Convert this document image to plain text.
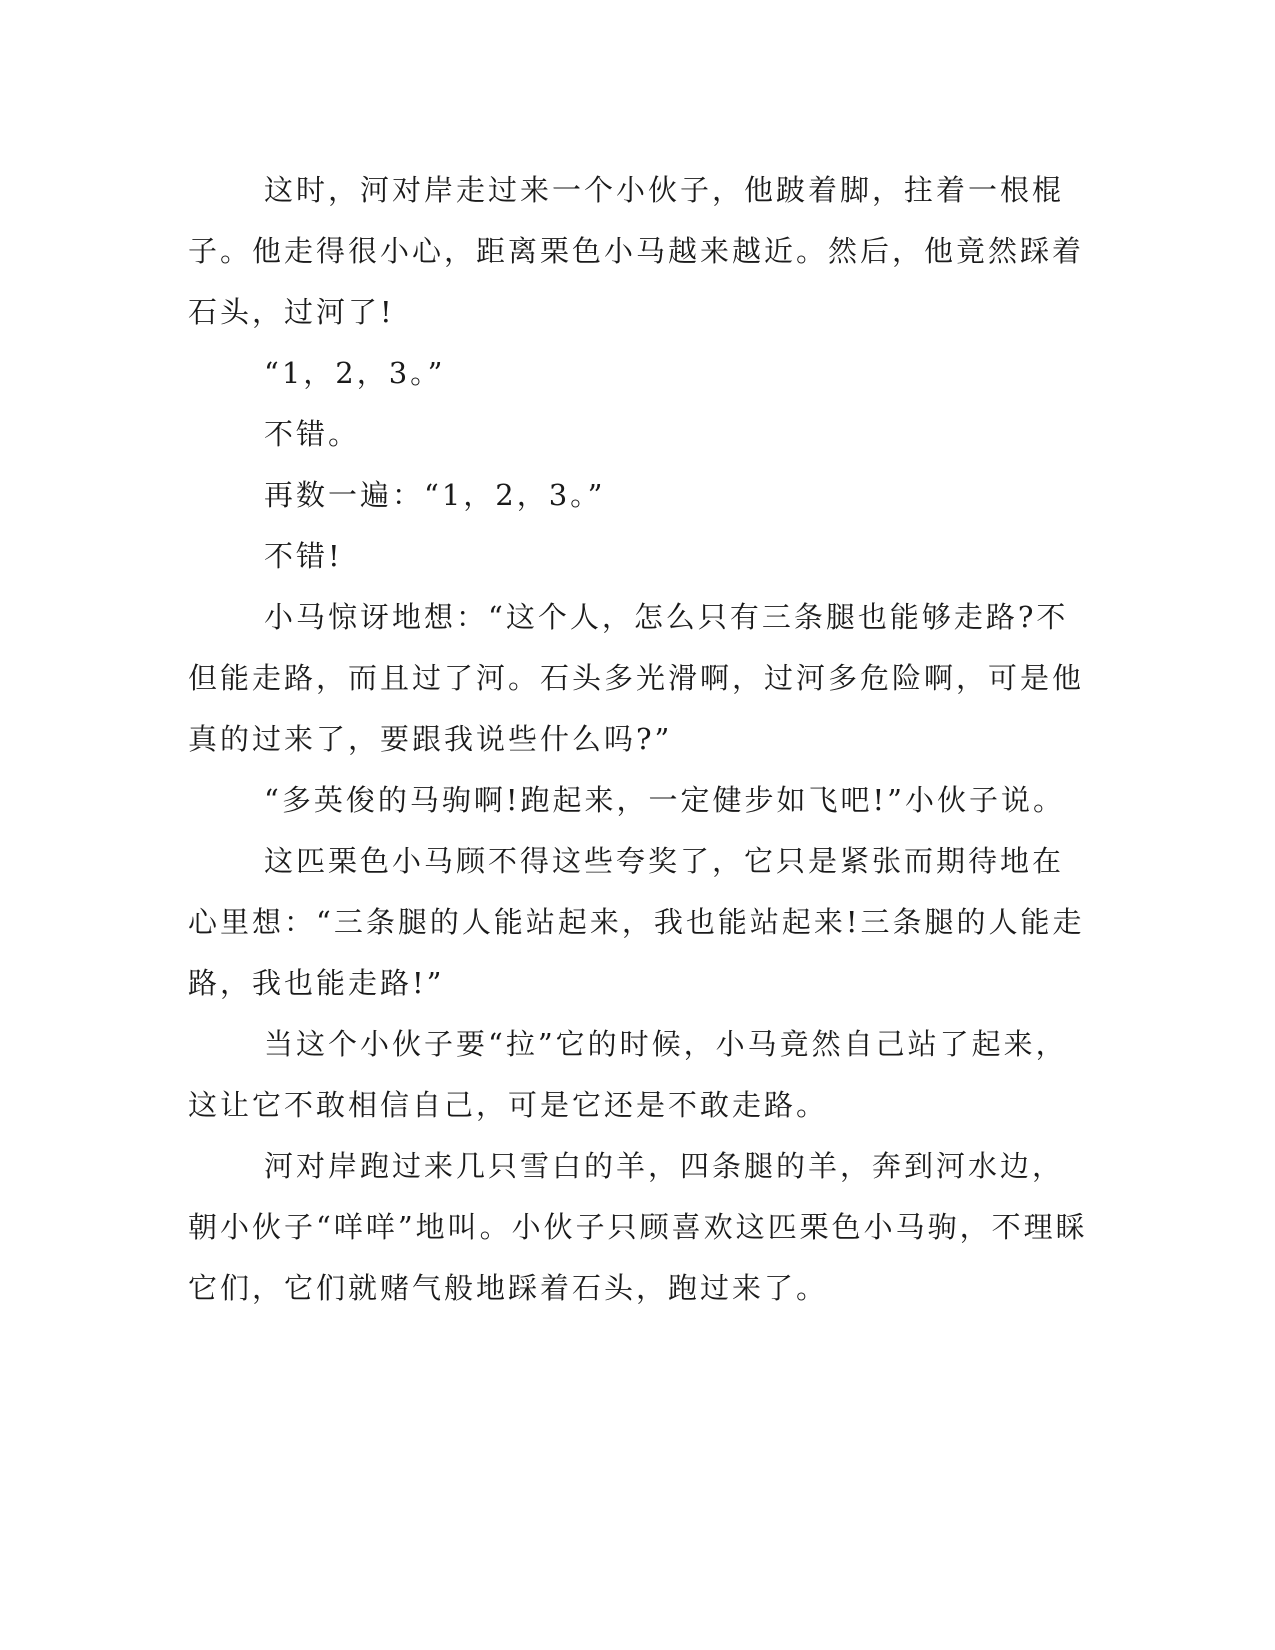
这时，河对岸走过来一个小伙子，他跛着脚，拄着一根棍子。他走得很小心，距离栗色小马越来越近。然后，他竟然踩着石头，过河了!

“1，2，3。”

不错。

再数一遍：“1，2，3。”

不错!

小马惊讶地想：“这个人，怎么只有三条腿也能够走路?不但能走路，而且过了河。石头多光滑啊，过河多危险啊，可是他真的过来了，要跟我说些什么吗?”

“多英俊的马驹啊!跑起来，一定健步如飞吧!”小伙子说。

这匹栗色小马顾不得这些夸奖了，它只是紧张而期待地在心里想：“三条腿的人能站起来，我也能站起来!三条腿的人能走路，我也能走路!”

当这个小伙子要“拉”它的时候，小马竟然自己站了起来，这让它不敢相信自己，可是它还是不敢走路。

河对岸跑过来几只雪白的羊，四条腿的羊，奔到河水边，朝小伙子“咩咩”地叫。小伙子只顾喜欢这匹栗色小马驹，不理睬它们，它们就赌气般地踩着石头，跑过来了。
